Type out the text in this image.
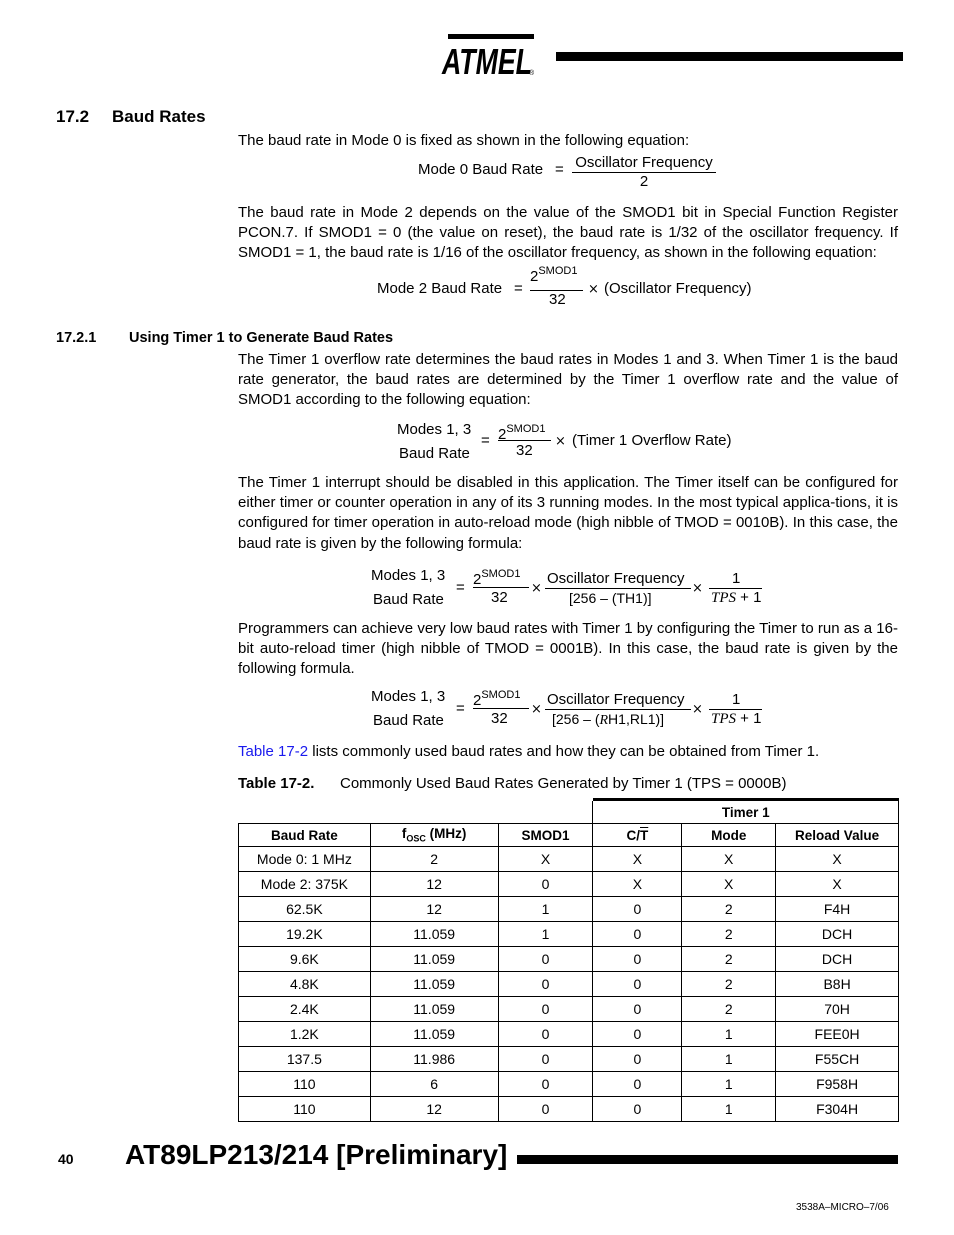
ATMEL
®
17.2 Baud Rates
The baud rate in Mode 0 is fixed as shown in the following equation:
Mode 0 Baud Rate = Oscillator Frequency
2
The baud rate in Mode 2 depends on the value of the SMOD1 bit in Special Function Register PCON.7. If SMOD1 = 0 (the value on reset), the baud rate is 1/32 of the oscillator frequency. If SMOD1 = 1, the baud rate is 1/16 of the oscillator frequency, as shown in the following equation:
Mode 2 Baud Rate =
$2^{SMOD1}$
32
× (Oscillator Frequency)
17.2.1 Using Timer 1 to Generate Baud Rates
The Timer 1 overflow rate determines the baud rates in Modes 1 and 3. When Timer 1 is the baud rate generator, the baud rates are determined by the Timer 1 overflow rate and the value of SMOD1 according to the following equation:
Modes 1, 3
Baud Rate
= $2^{SMOD1}$
32
× (Timer 1 Overflow Rate)
The Timer 1 interrupt should be disabled in this application. The Timer itself can be configured for either timer or counter operation in any of its 3 running modes. In the most typical applica-tions, it is configured for timer operation in auto-reload mode (high nibble of TMOD = 0010B). In this case, the baud rate is given by the following formula:
Modes 1, 3
Baud Rate
= $2^{SMOD1}$
32
×
Oscillator Frequency
[256 – (TH1)]
×
1
TPS + 1
Programmers can achieve very low baud rates with Timer 1 by configuring the Timer to run as a 16-bit auto-reload timer (high nibble of TMOD = 0001B). In this case, the baud rate is given by the following formula.
Modes 1, 3
Baud Rate
= $2^{SMOD1}$
32
×
Oscillator Frequency
[256 – (RH1,RL1)]
×
1
TPS + 1
Table 17-2 lists commonly used baud rates and how they can be obtained from Timer 1.
Table 17-2. Commonly Used Baud Rates Generated by Timer 1 (TPS = 0000B)
			Timer 1		
Baud Rate	$f_{OSC}$ (MHz)	SMOD1	$C/\overline{T}$	Mode	Reload Value
Mode 0: 1 MHz	2	X	X	X	X
Mode 2: 375K	12	0	X	X	X
62.5K	12	1	0	2	F4H
19.2K	11.059	1	0	2	DCH
9.6K	11.059	0	0	2	DCH
4.8K	11.059	0	0	2	B8H
2.4K	11.059	0	0	2	70H
1.2K	11.059	0	0	1	FEE0H
137.5	11.986	0	0	1	F55CH
110	6	0	0	1	F958H
110	12	0	0	1	F304H
40 AT89LP213/214 [Preliminary]
3538A–MICRO–7/06
